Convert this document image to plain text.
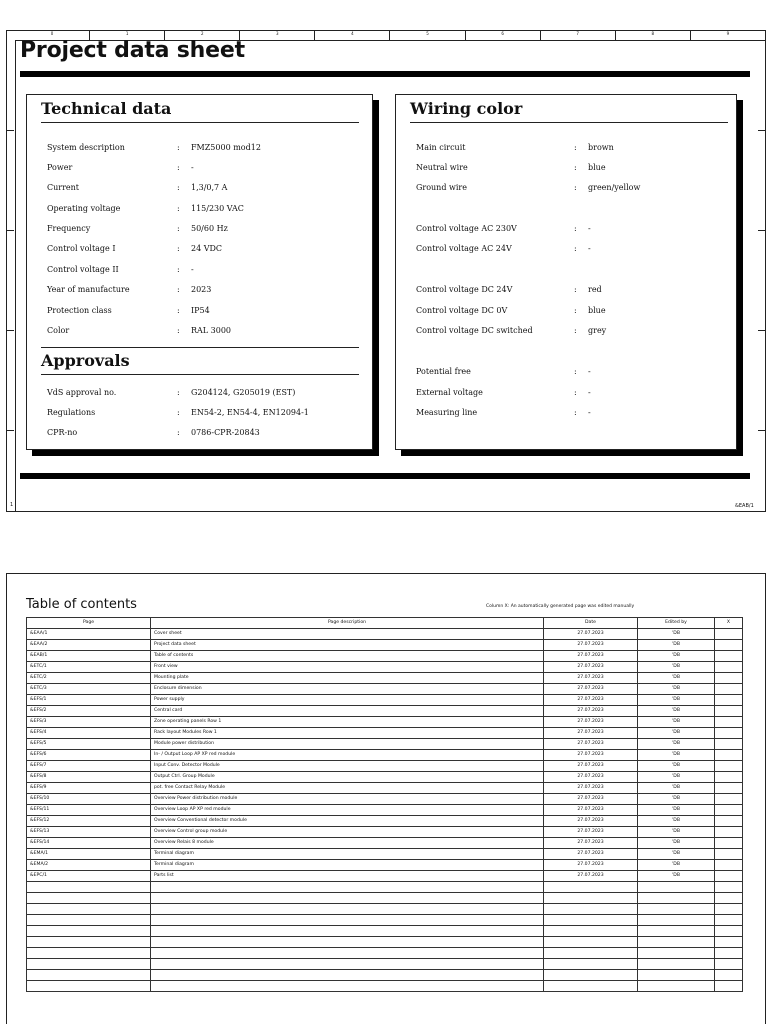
0	1	2	3	4	5	6	7	8	9
Project data sheet
Technical data
System description	: FMZ5000 mod12
Power	: -
Current	: 1,3/0,7 A
Operating voltage	: 115/230 VAC
Frequency	: 50/60 Hz
Control voltage I	: 24 VDC
Control voltage II	: -
Year of manufacture	: 2023
Protection class	: IP54
Color	: RAL 3000
Approvals
VdS approval no.	: G204124, G205019 (EST)
Regulations	: EN54-2, EN54-4, EN12094-1
CPR-no	: 0786-CPR-20843
Wiring color
Main circuit	: brown
Neutral wire	: blue
Ground wire	: green/yellow
Control voltage AC 230V	: -
Control voltage AC 24V	: -
Control voltage DC 24V	: red
Control voltage DC 0V	: blue
Control voltage DC switched	: grey
Potential free	: -
External voltage	: -
Measuring line	: -
1	&EAB/1
Table of contents	Column X: An automatically generated page was edited manually
Page	Page description	Date	Edited by	X
&EAA/1	Cover sheet	27.07.2023	'DB	
&EAA/2	Project data sheet	27.07.2023	'DB	
&EAB/1	Table of contents	27.07.2023	'DB	
&ETC/1	Front view	27.07.2023	'DB	
&ETC/2	Mounting plate	27.07.2023	'DB	
&ETC/3	Enclosure dimension	27.07.2023	'DB	
&EFS/1	Power supply	27.07.2023	'DB	
&EFS/2	Central card	27.07.2023	'DB	
&EFS/3	Zone operating panels Row 1	27.07.2023	'DB	
&EFS/4	Rack layout Modules Row 1	27.07.2023	'DB	
&EFS/5	Module power distribution	27.07.2023	'DB	
&EFS/6	In- / Output Loop AP XP red module	27.07.2023	'DB	
&EFS/7	Input Conv. Detector Module	27.07.2023	'DB	
&EFS/8	Output Ctrl. Group Module	27.07.2023	'DB	
&EFS/9	pot. free Contact Relay Module	27.07.2023	'DB	
&EFS/10	Overview Power distribution module	27.07.2023	'DB	
&EFS/11	Overview Loop AP XP red module	27.07.2023	'DB	
&EFS/12	Overview Conventional detector module	27.07.2023	'DB	
&EFS/13	Overview Control group module	27.07.2023	'DB	
&EFS/14	Overview Relais 8 module	27.07.2023	'DB	
&EMA/1	Terminal diagram	27.07.2023	'DB	
&EMA/2	Terminal diagram	27.07.2023	'DB	
&EPC/1	Parts list	27.07.2023	'DB	
